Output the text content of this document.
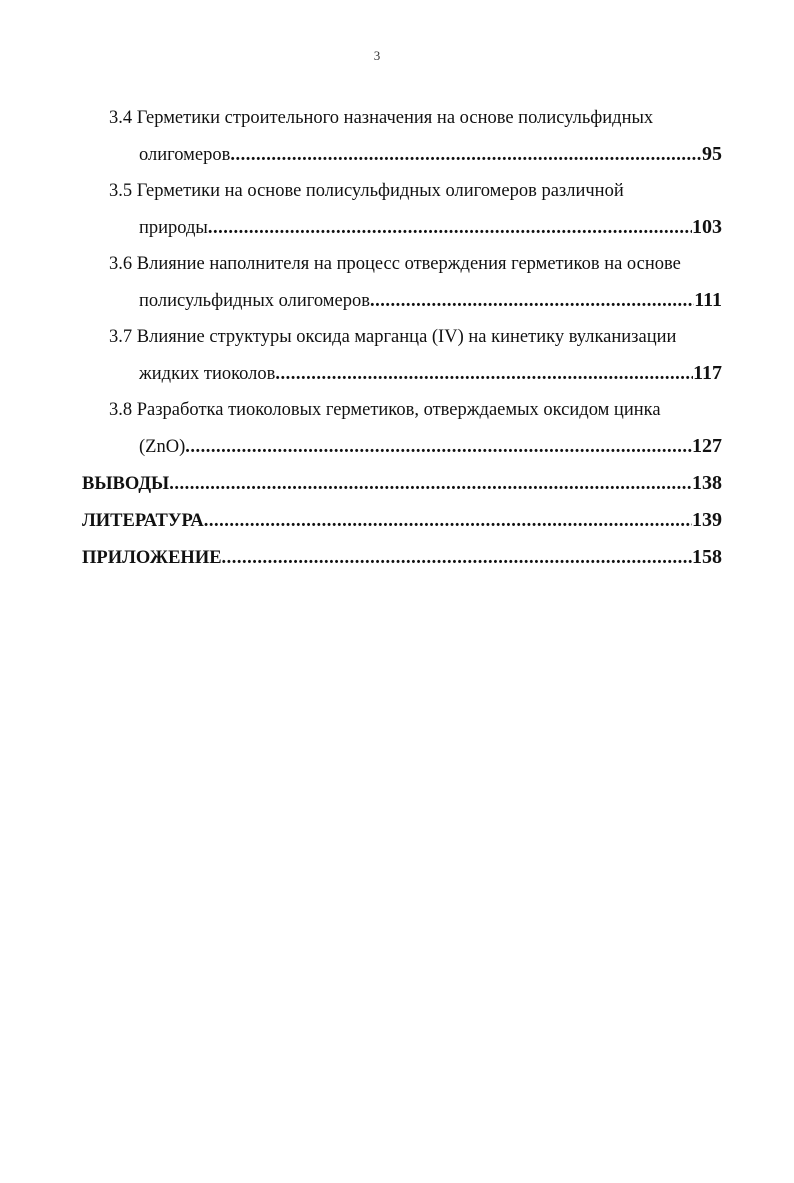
3
3.4 Герметики строительного назначения на основе полисульфидных
олигомеров .....	95
3.5 Герметики на основе полисульфидных олигомеров различной
природы .....	103
3.6 Влияние наполнителя на процесс отверждения герметиков на основе
полисульфидных олигомеров .....	111
3.7 Влияние структуры оксида марганца (IV) на кинетику вулканизации
жидких тиоколов .....	117
3.8 Разработка тиоколовых герметиков, отверждаемых оксидом цинка
(ZnO) .....	127
ВЫВОДЫ .....	138
ЛИТЕРАТУРА .....	139
ПРИЛОЖЕНИЕ .....	158
